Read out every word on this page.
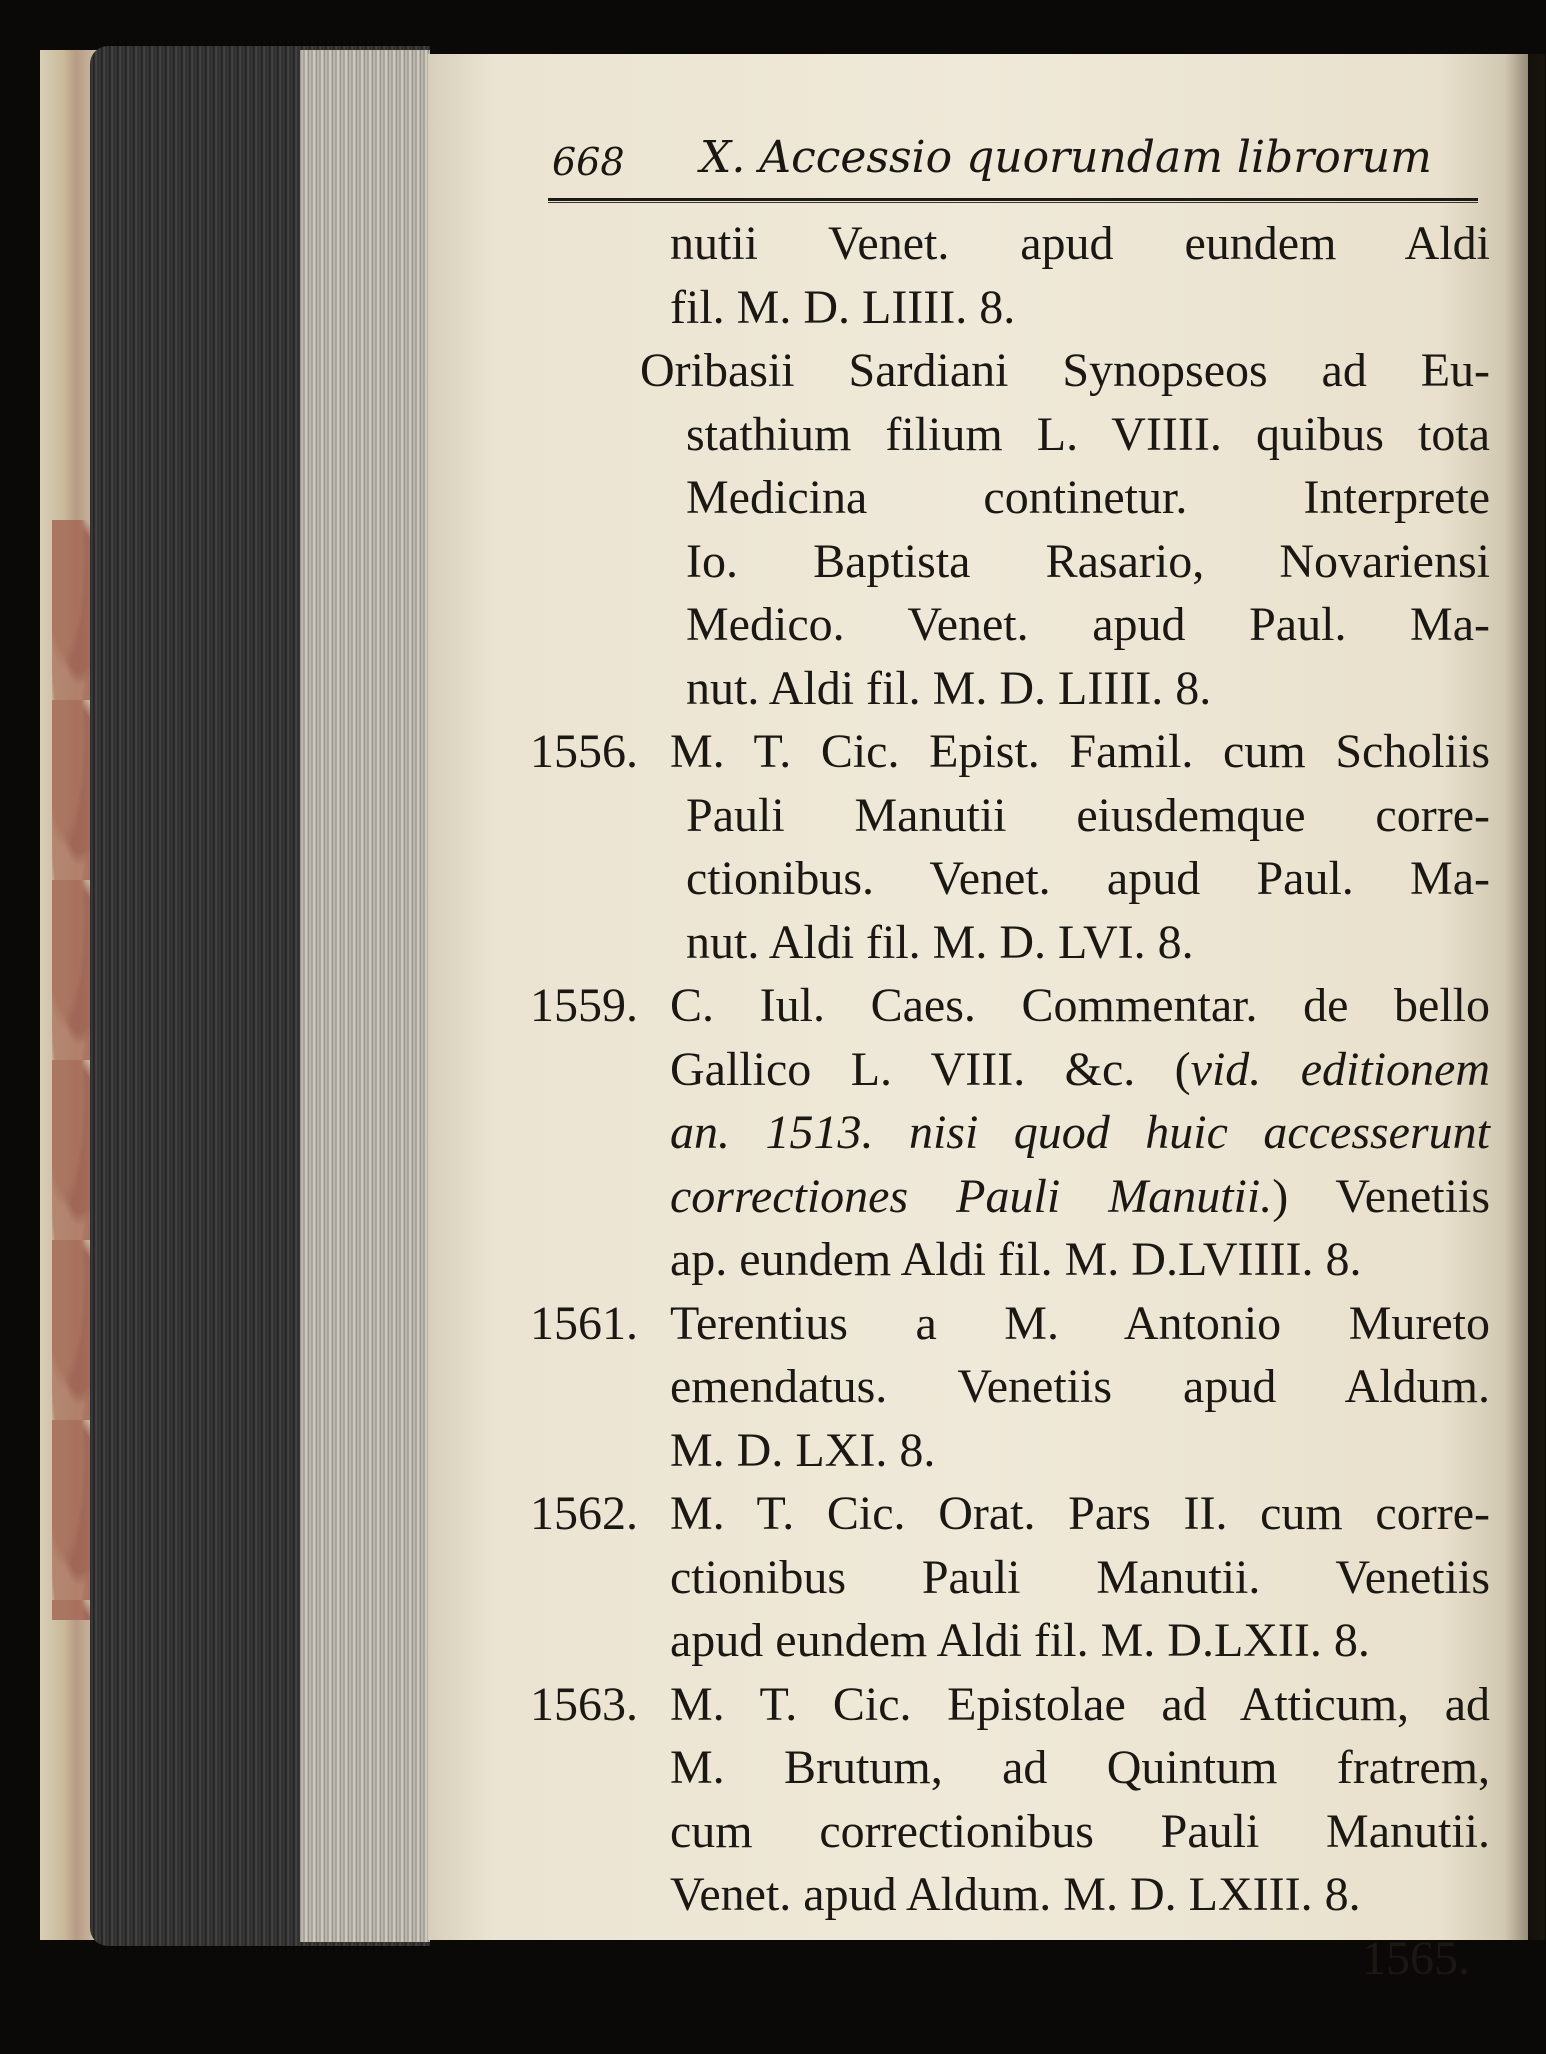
668 X. Accessio quorundam librorum
nutii Venet. apud eundem Aldi
fil. M. D. LIIII. 8.
Oribasii Sardiani Synopseos ad Eu-
stathium filium L. VIIII. quibus tota
Medicina continetur. Interprete
Io. Baptista Rasario, Novariensi
Medico. Venet. apud Paul. Ma-
nut. Aldi fil. M. D. LIIII. 8.
1556. M. T. Cic. Epist. Famil. cum Scholiis
Pauli Manutii eiusdemque corre-
ctionibus. Venet. apud Paul. Ma-
nut. Aldi fil. M. D. LVI. 8.
1559. C. Iul. Caes. Commentar. de bello
Gallico L. VIII. &c. (vid. editionem
an. 1513. nisi quod huic accesserunt
correctiones Pauli Manutii.) Venetiis
ap. eundem Aldi fil. M. D.LVIIII. 8.
1561. Terentius a M. Antonio Mureto
emendatus. Venetiis apud Aldum.
M. D. LXI. 8.
1562. M. T. Cic. Orat. Pars II. cum corre-
ctionibus Pauli Manutii. Venetiis
apud eundem Aldi fil. M. D.LXII. 8.
1563. M. T. Cic. Epistolae ad Atticum, ad
M. Brutum, ad Quintum fratrem,
cum correctionibus Pauli Manutii.
Venet. apud Aldum. M. D. LXIII. 8.
1565.
